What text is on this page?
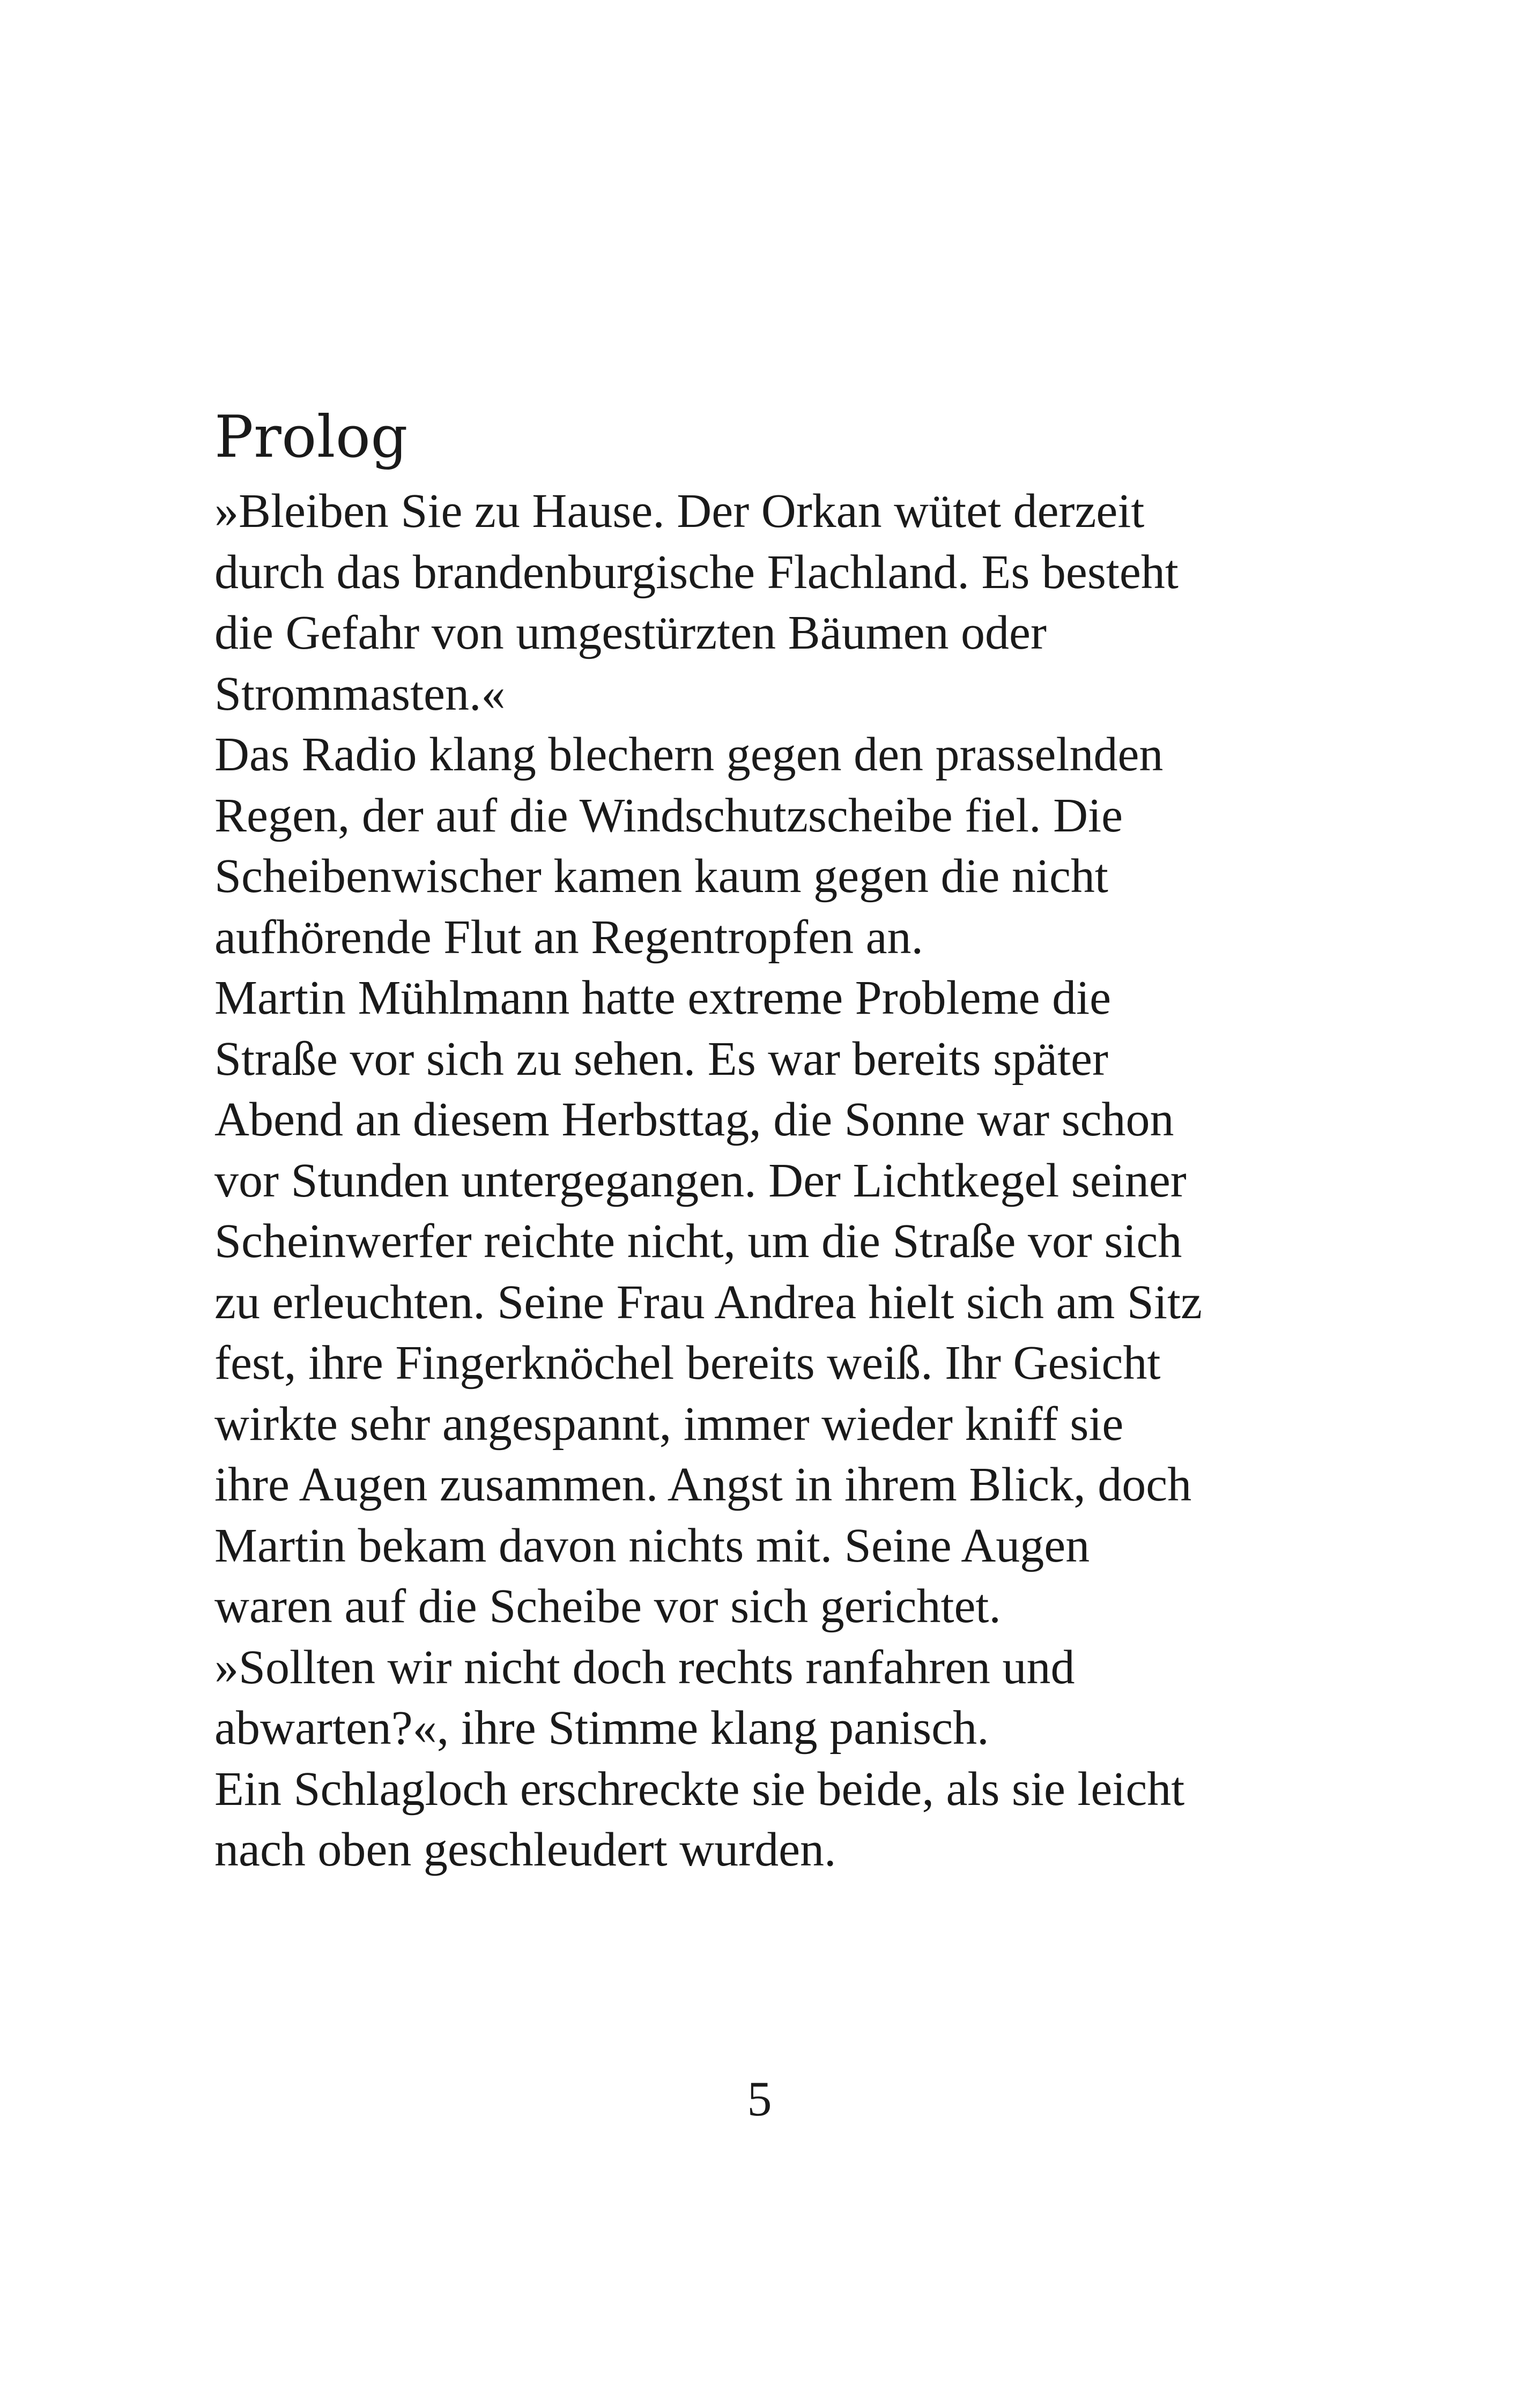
Prolog

»Bleiben Sie zu Hause. Der Orkan wütet derzeit

durch das brandenburgische Flachland. Es besteht

die Gefahr von umgestürzten Bäumen oder

Strommasten.«

Das Radio klang blechern gegen den prasselnden

Regen, der auf die Windschutzscheibe fiel. Die

Scheibenwischer kamen kaum gegen die nicht

aufhörende Flut an Regentropfen an.

Martin Mühlmann hatte extreme Probleme die

Straße vor sich zu sehen. Es war bereits später

Abend an diesem Herbsttag, die Sonne war schon

vor Stunden untergegangen. Der Lichtkegel seiner

Scheinwerfer reichte nicht, um die Straße vor sich

zu erleuchten. Seine Frau Andrea hielt sich am Sitz

fest, ihre Fingerknöchel bereits weiß. Ihr Gesicht

wirkte sehr angespannt, immer wieder kniff sie

ihre Augen zusammen. Angst in ihrem Blick, doch

Martin bekam davon nichts mit. Seine Augen

waren auf die Scheibe vor sich gerichtet.

»Sollten wir nicht doch rechts ranfahren und

abwarten?«, ihre Stimme klang panisch.

Ein Schlagloch erschreckte sie beide, als sie leicht

nach oben geschleudert wurden.

5
